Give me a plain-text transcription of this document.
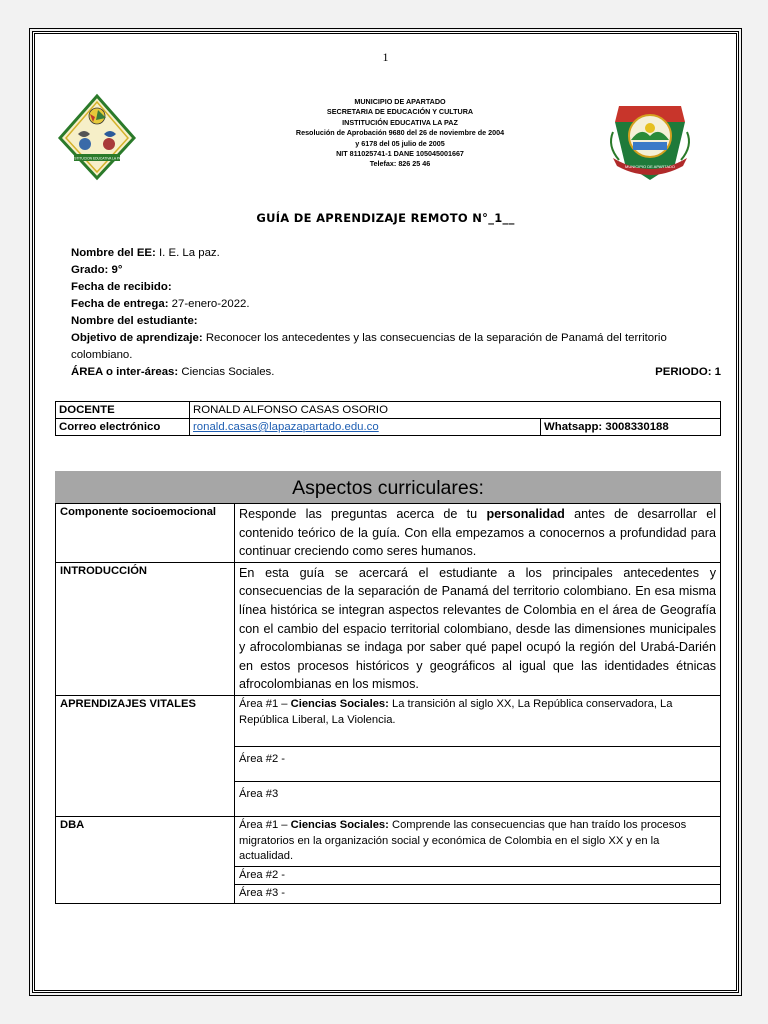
1
INSTITUCION EDUCATIVA LA PAZ
MUNICIPIO DE APARTADO
MUNICIPIO DE APARTADO
SECRETARIA DE EDUCACIÓN Y CULTURA
INSTITUCIÓN EDUCATIVA LA PAZ
Resolución de Aprobación 9680 del 26 de noviembre de 2004
y 6178 del 05 julio de 2005
NIT 811025741-1 DANE 105045001667
Telefax: 826 25 46
GUÍA DE APRENDIZAJE REMOTO N°_1__
Nombre del EE: I. E. La paz.
Grado: 9°
Fecha de recibido:
Fecha de entrega: 27-enero-2022.
Nombre del estudiante:
Objetivo de aprendizaje: Reconocer los antecedentes y las consecuencias de la separación de Panamá del territorio colombiano.
ÁREA o inter-áreas: Ciencias Sociales.	PERIODO: 1
DOCENTE	RONALD ALFONSO CASAS OSORIO	
Correo electrónico	ronald.casas@lapazapartado.edu.co	Whatsapp: 3008330188
Aspectos curriculares:
Componente socioemocional	Responde las preguntas acerca de tu personalidad antes de desarrollar el contenido teórico de la guía. Con ella empezamos a conocernos a profundidad para continuar creciendo como seres humanos.
INTRODUCCIÓN	En esta guía se acercará el estudiante a los principales antecedentes y consecuencias de la separación de Panamá del territorio colombiano. En esa misma línea histórica se integran aspectos relevantes de Colombia en el área de Geografía con el cambio del espacio territorial colombiano, desde las dimensiones municipales y afrocolombianas se indaga por saber qué papel ocupó la región del Urabá-Darién en estos procesos históricos y geográficos al igual que las identidades étnicas afrocolombianas en los mismos.
APRENDIZAJES VITALES	Área #1 – Ciencias Sociales: La transición al siglo XX, La República conservadora, La República Liberal, La Violencia.
	Área #2 -
	Área #3
DBA	Área #1 – Ciencias Sociales: Comprende las consecuencias que han traído los procesos migratorios en la organización social y económica de Colombia en el siglo XX y en la actualidad.
	Área #2 -
	Área #3 -
